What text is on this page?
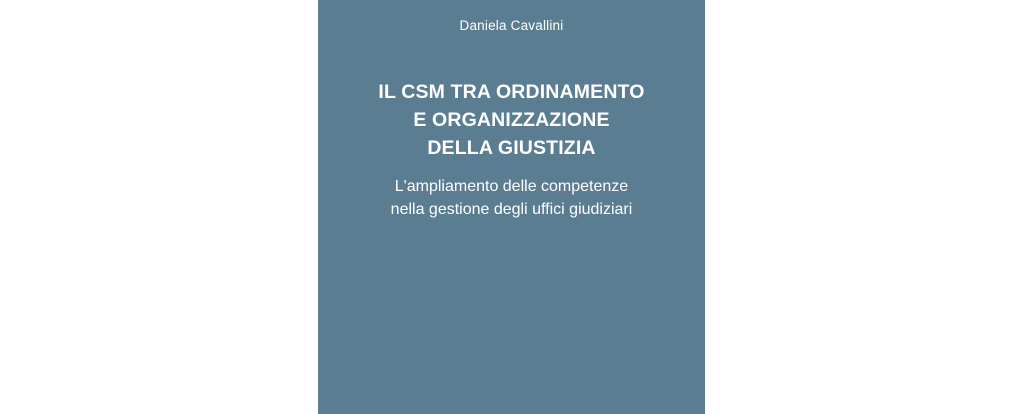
Daniela Cavallini
IL CSM TRA ORDINAMENTO
E ORGANIZZAZIONE
DELLA GIUSTIZIA

L'ampliamento delle competenze
nella gestione degli uffici giudiziari
